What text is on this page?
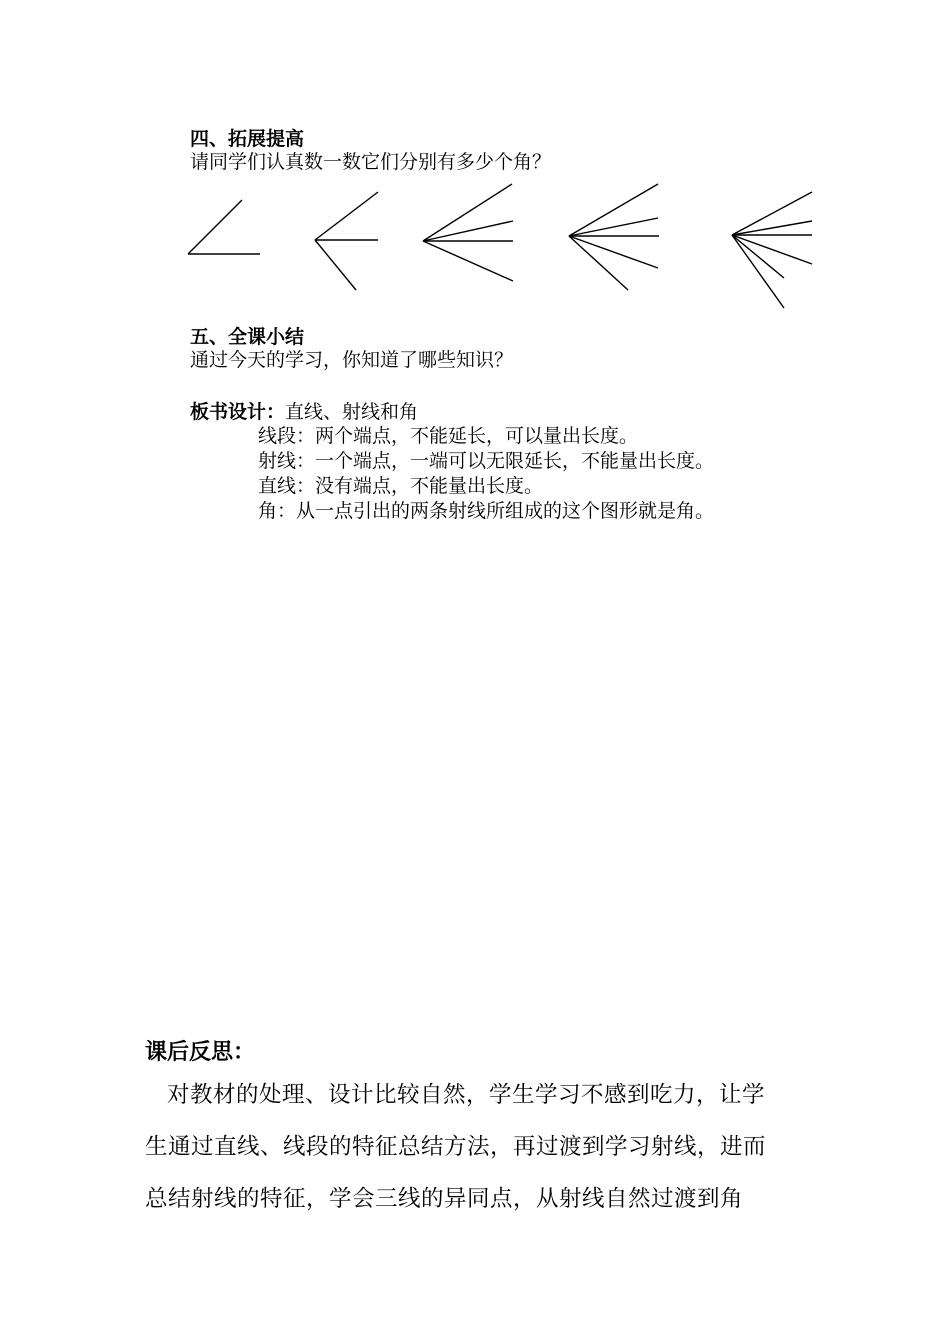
四、拓展提高
请同学们认真数一数它们分别有多少个角？
五、全课小结
通过今天的学习，你知道了哪些知识？
板书设计：直线、射线和角
线段：两个端点，不能延长，可以量出长度。
射线：一个端点，一端可以无限延长，不能量出长度。
直线：没有端点，不能量出长度。
角：从一点引出的两条射线所组成的这个图形就是角。
课后反思：
对教材的处理、设计比较自然，学生学习不感到吃力，让学
生通过直线、线段的特征总结方法，再过渡到学习射线，进而
总结射线的特征，学会三线的异同点，从射线自然过渡到角
